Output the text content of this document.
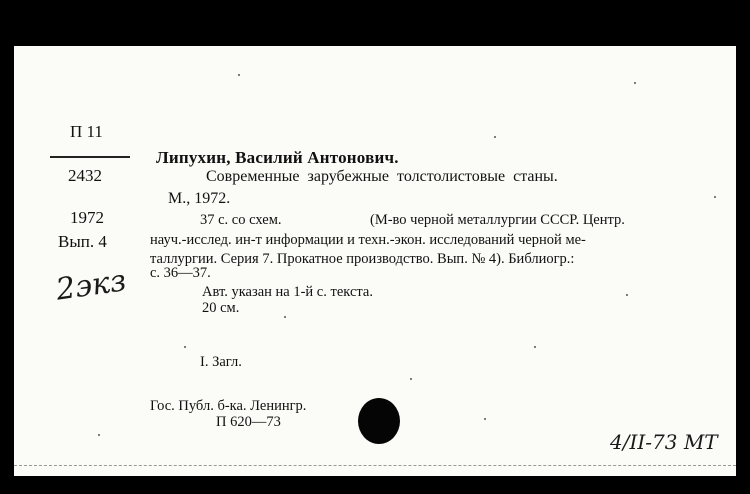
П 11
2432
1972
Вып. 4
2экз
Липухин, Василий Антонович.
Современные зарубежные толстолистовые станы.
М., 1972.
37 с. со схем.	(М-во черной металлургии СССР. Центр.
науч.-исслед. ин-т информации и техн.-экон. исследований черной ме-
таллургии. Серия 7. Прокатное производство. Вып. № 4). Библиогр.:
с. 36—37.
Авт. указан на 1-й с. текста.
20 см.
I. Загл.
Гос. Публ. б-ка. Ленингр.
П 620—73
4/II-73 МТ
